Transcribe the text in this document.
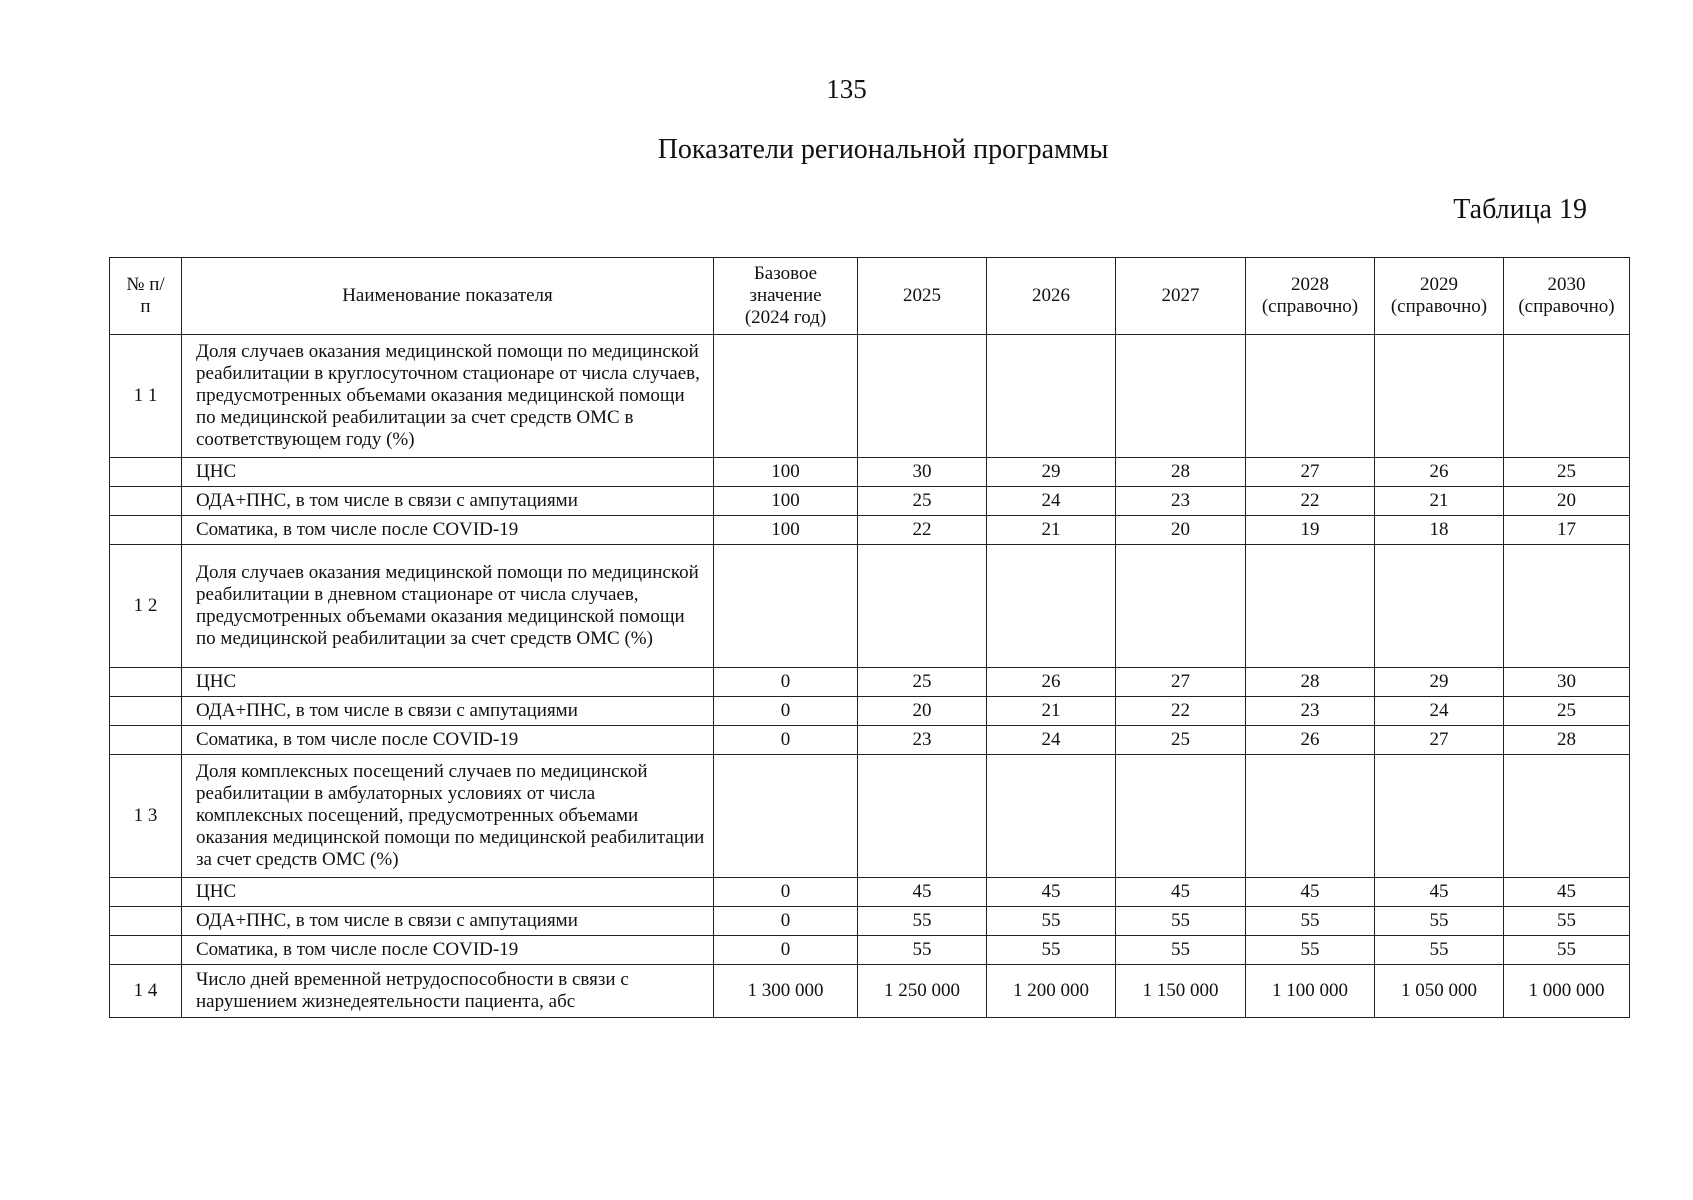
135
Показатели региональной программы
Таблица 19
№ п/п	Наименование показателя	Базовое значение (2024 год)	2025	2026	2027	2028 (справочно)	2029 (справочно)	2030 (справочно)
1 1	Доля случаев оказания медицинской помощи по медицинской реабилитации в круглосуточном стационаре от числа случаев, предусмотренных объемами оказания медицинской помощи по медицинской реабилитации за счет средств ОМС в соответствующем году (%)							
	ЦНС	100	30	29	28	27	26	25
	ОДА+ПНС, в том числе в связи с ампутациями	100	25	24	23	22	21	20
	Соматика, в том числе после COVID-19	100	22	21	20	19	18	17
1 2	Доля случаев оказания медицинской помощи по медицинской реабилитации в дневном стационаре от числа случаев, предусмотренных объемами оказания медицинской помощи по медицинской реабилитации за счет средств ОМС (%)							
	ЦНС	0	25	26	27	28	29	30
	ОДА+ПНС, в том числе в связи с ампутациями	0	20	21	22	23	24	25
	Соматика, в том числе после COVID-19	0	23	24	25	26	27	28
1 3	Доля комплексных посещений случаев по медицинской реабилитации в амбулаторных условиях от числа комплексных посещений, предусмотренных объемами оказания медицинской помощи по медицинской реабилитации за счет средств ОМС (%)							
	ЦНС	0	45	45	45	45	45	45
	ОДА+ПНС, в том числе в связи с ампутациями	0	55	55	55	55	55	55
	Соматика, в том числе после COVID-19	0	55	55	55	55	55	55
1 4	Число дней временной нетрудоспособности в связи с нарушением жизнедеятельности пациента, абс	1 300 000	1 250 000	1 200 000	1 150 000	1 100 000	1 050 000	1 000 000
